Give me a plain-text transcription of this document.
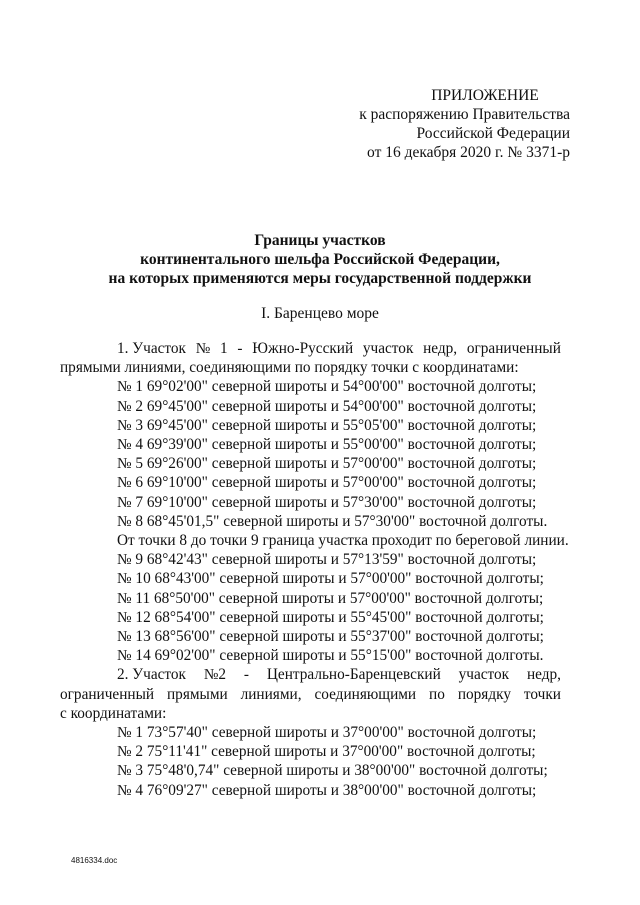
ПРИЛОЖЕНИЕ
к распоряжению Правительства
Российской Федерации
от 16 декабря 2020 г. № 3371-р
Границы участков
континентального шельфа Российской Федерации,
на которых применяются меры государственной поддержки
I. Баренцево море
1. Участок № 1 - Южно-Русский участок недр, ограниченный
прямыми линиями, соединяющими по порядку точки с координатами:
№ 1 69°02'00" северной широты и 54°00'00" восточной долготы;
№ 2 69°45'00" северной широты и 54°00'00" восточной долготы;
№ 3 69°45'00" северной широты и 55°05'00" восточной долготы;
№ 4 69°39'00" северной широты и 55°00'00" восточной долготы;
№ 5 69°26'00" северной широты и 57°00'00" восточной долготы;
№ 6 69°10'00" северной широты и 57°00'00" восточной долготы;
№ 7 69°10'00" северной широты и 57°30'00" восточной долготы;
№ 8 68°45'01,5" северной широты и 57°30'00" восточной долготы.
От точки 8 до точки 9 граница участка проходит по береговой линии.
№ 9 68°42'43" северной широты и 57°13'59" восточной долготы;
№ 10 68°43'00" северной широты и 57°00'00" восточной долготы;
№ 11 68°50'00" северной широты и 57°00'00" восточной долготы;
№ 12 68°54'00" северной широты и 55°45'00" восточной долготы;
№ 13 68°56'00" северной широты и 55°37'00" восточной долготы;
№ 14 69°02'00" северной широты и 55°15'00" восточной долготы.
2. Участок №2 - Центрально-Баренцевский участок недр,
ограниченный прямыми линиями, соединяющими по порядку точки
с координатами:
№ 1 73°57'40" северной широты и 37°00'00" восточной долготы;
№ 2 75°11'41" северной широты и 37°00'00" восточной долготы;
№ 3 75°48'0,74" северной широты и 38°00'00" восточной долготы;
№ 4 76°09'27" северной широты и 38°00'00" восточной долготы;
4816334.doc
